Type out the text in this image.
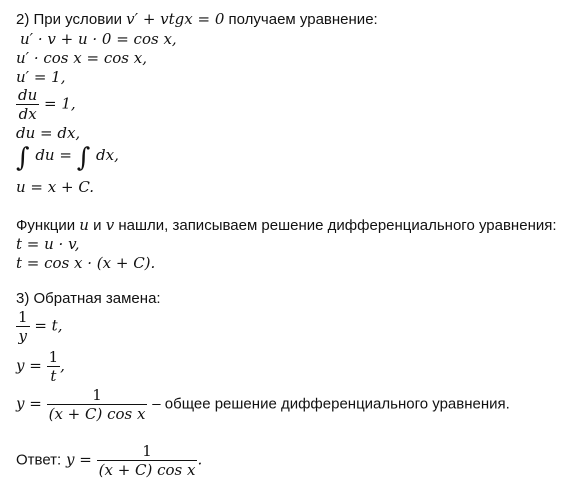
2) При условии v′ + vtgx = 0 получаем уравнение:
u′ · v + u · 0 = cos x,
u′ · cos x = cos x,
u′ = 1,
$\frac{du}{dx} = 1$,
du = dx,
∫ du = ∫ dx,
u = x + C.
Функции u и v нашли, записываем решение дифференциального уравнения:
t = u · v,
t = cos x · (x + C).
3) Обратная замена:
$\frac{1}{y} = t$,
$y = \frac{1}{t}$ ,
$y = \frac{1}{\text{(x + C) cos x}}$ – общее решение дифференциального уравнения.
Ответ: $y = \frac{1}{\text{(x + C) cos x}}$ .
